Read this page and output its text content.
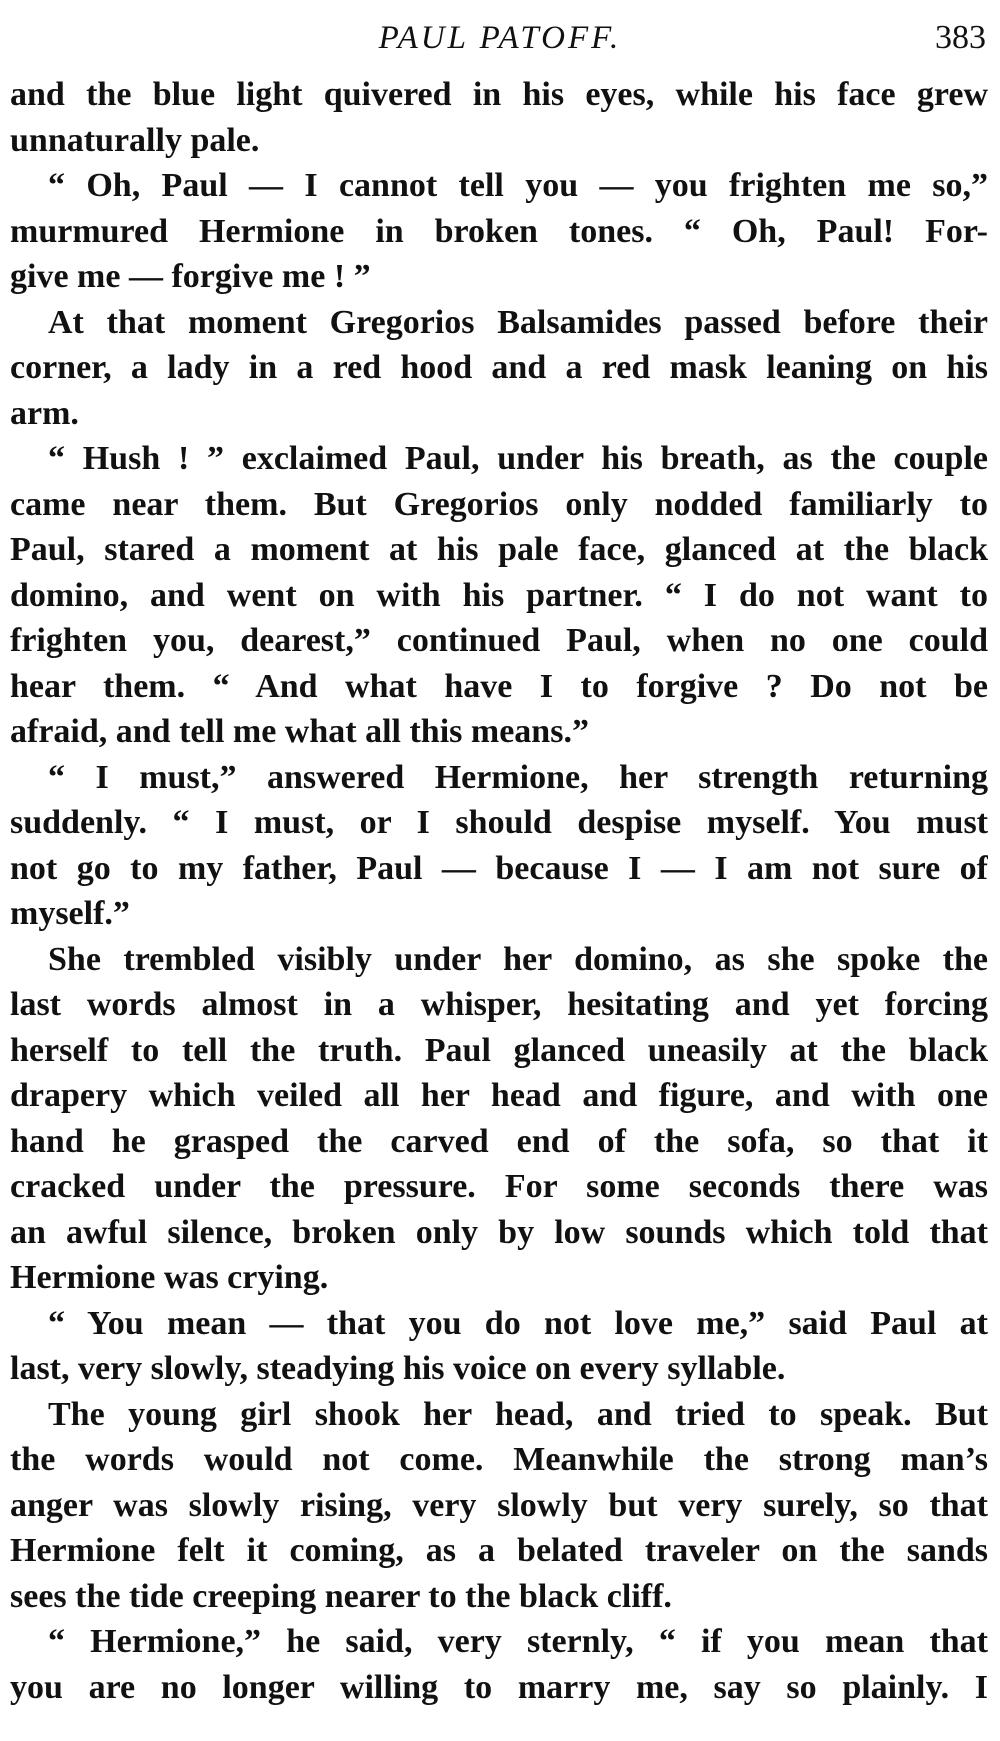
PAUL PATOFF.	383
and the blue light quivered in his eyes, while his face grew
unnaturally pale.
“ Oh, Paul — I cannot tell you — you frighten me so,”
murmured Hermione in broken tones. “ Oh, Paul! For-
give me — forgive me ! ”
At that moment Gregorios Balsamides passed before their
corner, a lady in a red hood and a red mask leaning on his
arm.
“ Hush ! ” exclaimed Paul, under his breath, as the couple
came near them. But Gregorios only nodded familiarly to
Paul, stared a moment at his pale face, glanced at the black
domino, and went on with his partner. “ I do not want to
frighten you, dearest,” continued Paul, when no one could
hear them. “ And what have I to forgive ? Do not be
afraid, and tell me what all this means.”
“ I must,” answered Hermione, her strength returning
suddenly. “ I must, or I should despise myself. You must
not go to my father, Paul — because I — I am not sure of
myself.”
She trembled visibly under her domino, as she spoke the
last words almost in a whisper, hesitating and yet forcing
herself to tell the truth. Paul glanced uneasily at the black
drapery which veiled all her head and figure, and with one
hand he grasped the carved end of the sofa, so that it
cracked under the pressure. For some seconds there was
an awful silence, broken only by low sounds which told that
Hermione was crying.
“ You mean — that you do not love me,” said Paul at
last, very slowly, steadying his voice on every syllable.
The young girl shook her head, and tried to speak. But
the words would not come. Meanwhile the strong man’s
anger was slowly rising, very slowly but very surely, so that
Hermione felt it coming, as a belated traveler on the sands
sees the tide creeping nearer to the black cliff.
“ Hermione,” he said, very sternly, “ if you mean that
you are no longer willing to marry me, say so plainly. I
